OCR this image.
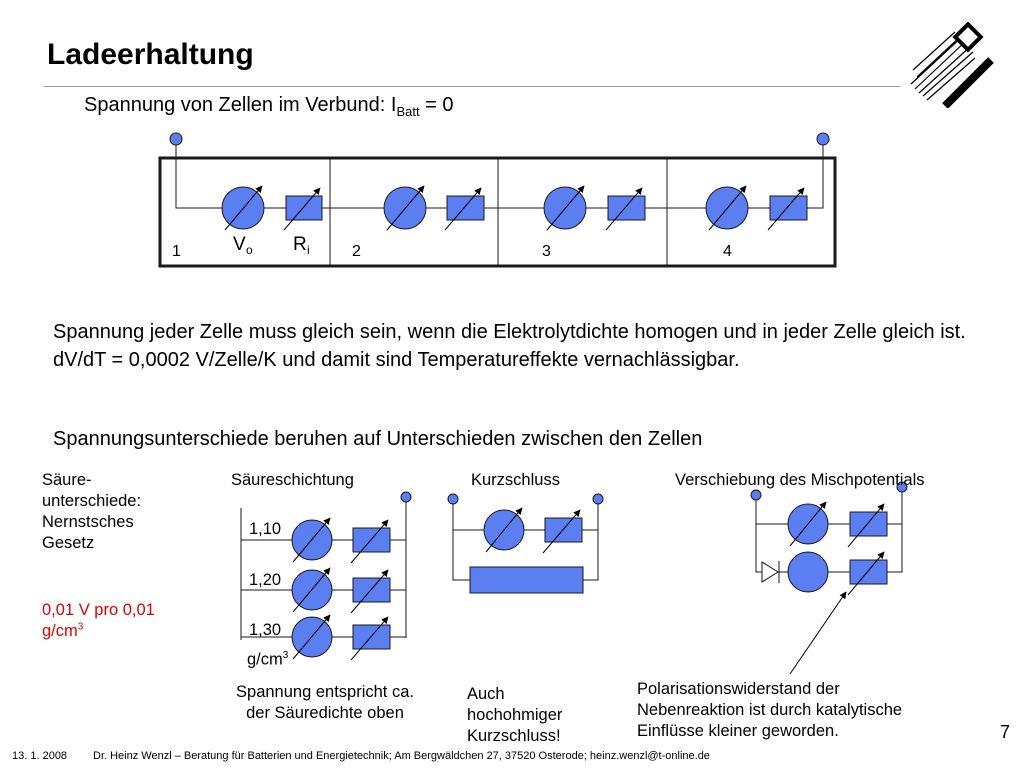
Ladeerhaltung
Spannung von Zellen im Verbund: $I_{Batt} = 0$
1	2	3	4
V o R i
Spannung jeder Zelle muss gleich sein, wenn die Elektrolytdichte homogen und in jeder Zelle gleich ist. dV/dT = 0,0002 V/Zelle/K und damit sind Temperatureffekte vernachlässigbar.
Spannungsunterschiede beruhen auf Unterschieden zwischen den Zellen
Säure-
unterschiede:
Nernstsches
Gesetz
0,01 V pro 0,01
$g/cm^3$
Säureschichtung	Kurzschluss	Verschiebung des Mischpotentials
1,10
1,20
1,30
$g/cm^3$
Spannung entspricht ca.
der Säuredichte oben
Auch
hochohmiger
Kurzschluss!
Polarisationswiderstand der
Nebenreaktion ist durch katalytische
Einflüsse kleiner geworden.	7
13. 1. 2008 Dr. Heinz Wenzl – Beratung für Batterien und Energietechnik; Am Bergwäldchen 27, 37520 Osterode; heinz.wenzl@t-online.de
